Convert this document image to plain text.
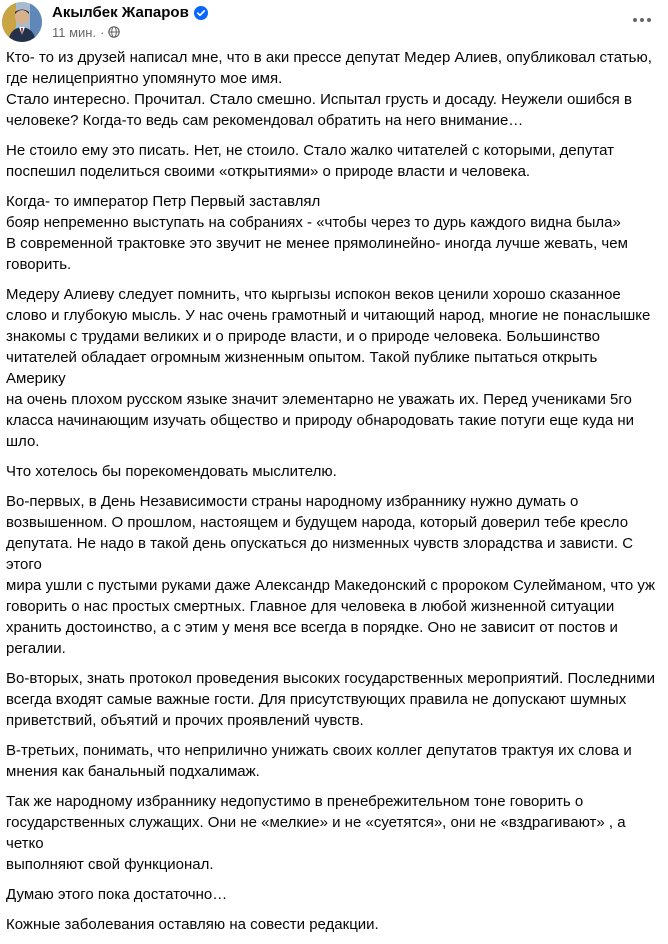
Акылбек Жапаров
11 мин. ·

Кто- то из друзей написал мне, что в аки прессе депутат Медер Алиев, опубликовал статью,
где нелицеприятно упомянуто мое имя.
Стало интересно. Прочитал. Стало смешно. Испытал грусть и досаду. Неужели ошибся в
человеке? Когда-то ведь сам рекомендовал обратить на него внимание…

Не стоило ему это писать. Нет, не стоило. Стало жалко читателей с которыми, депутат
поспешил поделиться своими «открытиями» о природе власти и человека.

Когда- то император Петр Первый заставлял
бояр непременно выступать на собраниях - «чтобы через то дурь каждого видна была»
В современной трактовке это звучит не менее прямолинейно- иногда лучше жевать, чем
говорить.

Медеру Алиеву следует помнить, что кыргызы испокон веков ценили хорошо сказанное
слово и глубокую мысль. У нас очень грамотный и читающий народ, многие не понаслышке
знакомы с трудами великих и о природе власти, и о природе человека. Большинство
читателей обладает огромным жизненным опытом. Такой публике пытаться открыть Америку
на очень плохом русском языке значит элементарно не уважать их. Перед учениками 5го
класса начинающим изучать общество и природу обнародовать такие потуги еще куда ни
шло.

Что хотелось бы порекомендовать мыслителю.

Во-первых, в День Независимости страны народному избраннику нужно думать о
возвышенном. О прошлом, настоящем и будущем народа, который доверил тебе кресло
депутата. Не надо в такой день опускаться до низменных чувств злорадства и зависти. С этого
мира ушли с пустыми руками даже Александр Македонский с пророком Сулейманом, что уж
говорить о нас простых смертных. Главное для человека в любой жизненной ситуации
хранить достоинство, а с этим у меня все всегда в порядке. Оно не зависит от постов и
регалии.

Во-вторых, знать протокол проведения высоких государственных мероприятий. Последними
всегда входят самые важные гости. Для присутствующих правила не допускают шумных
приветствий, объятий и прочих проявлений чувств.

В-третьих, понимать, что неприлично унижать своих коллег депутатов трактуя их слова и
мнения как банальный подхалимаж.

Так же народному избраннику недопустимо в пренебрежительном тоне говорить о
государственных служащих. Они не «мелкие» и не «суетятся», они не «вздрагивают» , а четко
выполняют свой функционал.

Думаю этого пока достаточно…

Кожные заболевания оставляю на совести редакции.
